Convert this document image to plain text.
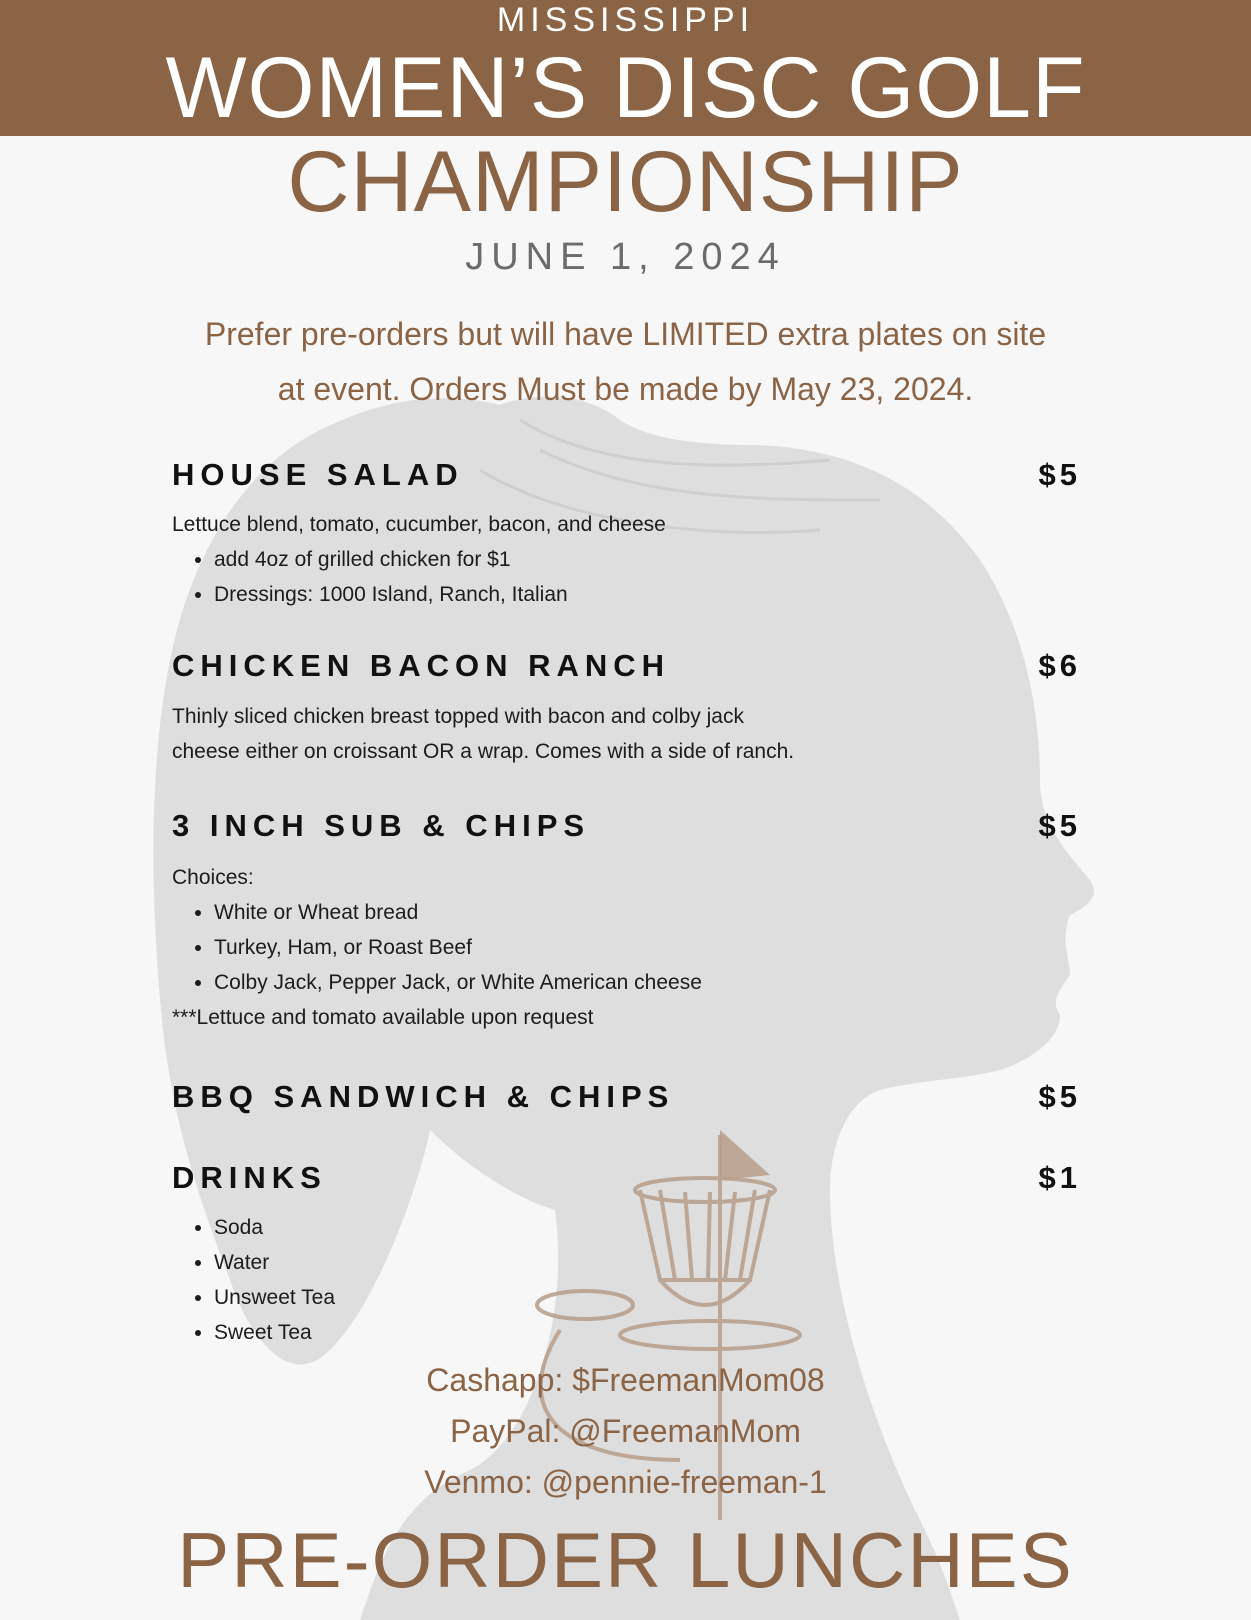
MISSISSIPPI
WOMEN’S DISC GOLF
CHAMPIONSHIP
JUNE 1, 2024
Prefer pre-orders but will have LIMITED extra plates on site
at event. Orders Must be made by May 23, 2024.
HOUSE SALAD	$5

Lettuce blend, tomato, cucumber, bacon, and cheese

• add 4oz of grilled chicken for $1
• Dressings: 1000 Island, Ranch, Italian
CHICKEN BACON RANCH	$6

Thinly sliced chicken breast topped with bacon and colby jack

cheese either on croissant OR a wrap. Comes with a side of ranch.

3 INCH SUB & CHIPS	$5

Choices:

• White or Wheat bread
• Turkey, Ham, or Roast Beef
• Colby Jack, Pepper Jack, or White American cheese

***Lettuce and tomato available upon request

BBQ SANDWICH & CHIPS	$5
DRINKS	$1
• Soda
• Water
• Unsweet Tea
• Sweet Tea
Cashapp: $FreemanMom08
PayPal: @FreemanMom
Venmo: @pennie-freeman-1
PRE-ORDER LUNCHES
